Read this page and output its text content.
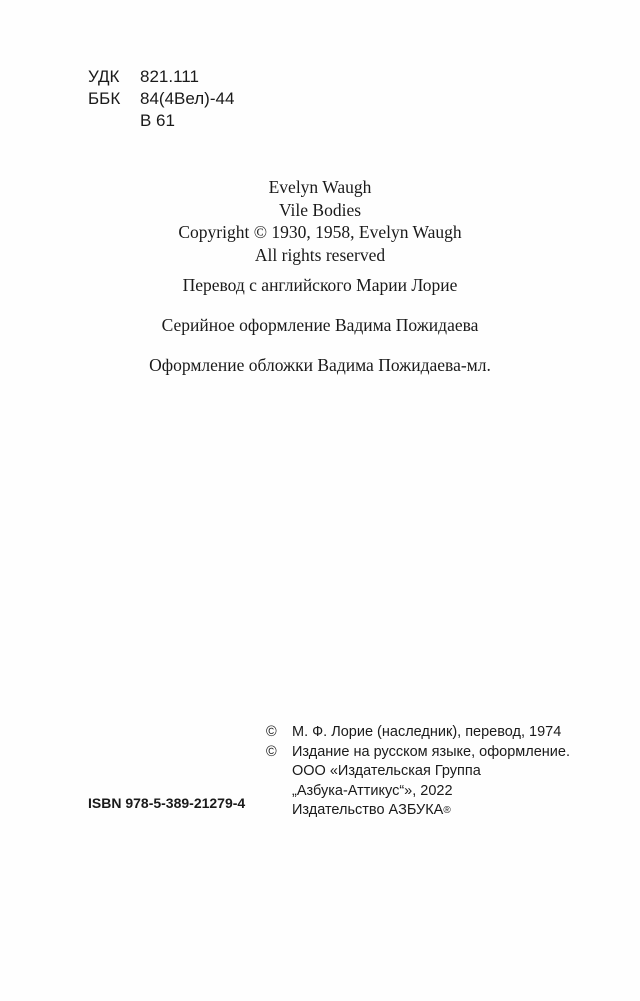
УДК	821.111
ББК	84(4Вел)-44
В 61
Evelyn Waugh
Vile Bodies
Copyright © 1930, 1958, Evelyn Waugh
All rights reserved
Перевод с английского Марии Лорие
Серийное оформление Вадима Пожидаева
Оформление обложки Вадима Пожидаева-мл.
©	М. Ф. Лорие (наследник), перевод, 1974
©	Издание на русском языке, оформление.
ООО «Издательская Группа
„Азбука-Аттикус“», 2022
Издательство АЗБУКА ®
ISBN 978-5-389-21279-4
